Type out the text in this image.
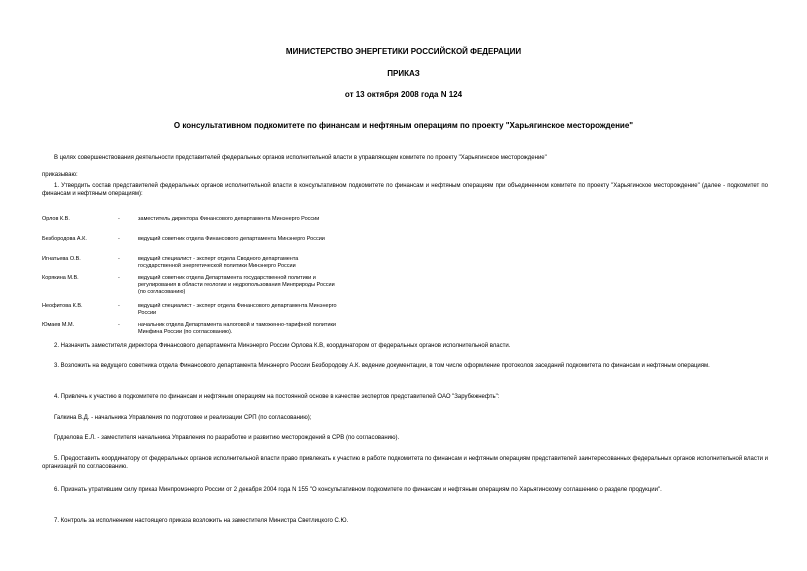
МИНИСТЕРСТВО ЭНЕРГЕТИКИ РОССИЙСКОЙ ФЕДЕРАЦИИ
ПРИКАЗ
от 13 октября 2008 года N 124
О консультативном подкомитете по финансам и нефтяным операциям по проекту "Харьягинское месторождение"
В целях совершенствования деятельности представителей федеральных органов исполнительной власти в управляющем комитете по проекту "Харьягинское месторождение"
приказываю:
1. Утвердить состав представителей федеральных органов исполнительной власти в консультативном подкомитете по финансам и нефтяным операциям при объединенном комитете по проекту "Харьягинское месторождение" (далее - подкомитет по финансам и нефтяным операциям):
Орлов К.В.	-	заместитель директора Финансового департамента Минэнерго России
Безбородова А.К.	-	ведущий советник отдела Финансового департамента Минэнерго России
Игнатьева О.В.	-	ведущий специалист - эксперт отдела Сводного департамента государственной энергетической политики Минэнерго России
Корякина М.В.	-	ведущий советник отдела Департамента государственной политики и регулирования в области геологии и недропользования Минприроды России (по согласованию)
Неофитова К.В.	-	ведущий специалист - эксперт отдела Финансового департамента Минэнерго России
Юмаев М.М.	-	начальник отдела Департамента налоговой и таможенно-тарифной политики Минфина России (по согласованию).
2. Назначить заместителя директора Финансового департамента Минэнерго России Орлова К.В, координатором от федеральных органов исполнительной власти.
3. Возложить на ведущего советника отдела Финансового департамента Минэнерго России Безбородову А.К. ведение документации, в том числе оформление протоколов заседаний подкомитета по финансам и нефтяным операциям.
4. Привлечь к участию в подкомитете по финансам и нефтяным операциям на постоянной основе в качестве экспертов представителей ОАО "Зарубежнефть":
Галкина В.Д. - начальника Управления по подготовке и реализации СРП (по согласованию);
Грдзелова Е.Л. - заместителя начальника Управления по разработке и развитию месторождений в СРВ (по согласованию).
5. Предоставить координатору от федеральных органов исполнительной власти право привлекать к участию в работе подкомитета по финансам и нефтяным операциям представителей заинтересованных федеральных органов исполнительной власти и организаций по согласованию.
6. Признать утратившим силу приказ Минпромэнерго России от 2 декабря 2004 года N 155 "О консультативном подкомитете по финансам и нефтяным операциям по Харьягинскому соглашению о разделе продукции".
7. Контроль за исполнением настоящего приказа возложить на заместителя Министра Светлицкого С.Ю.
